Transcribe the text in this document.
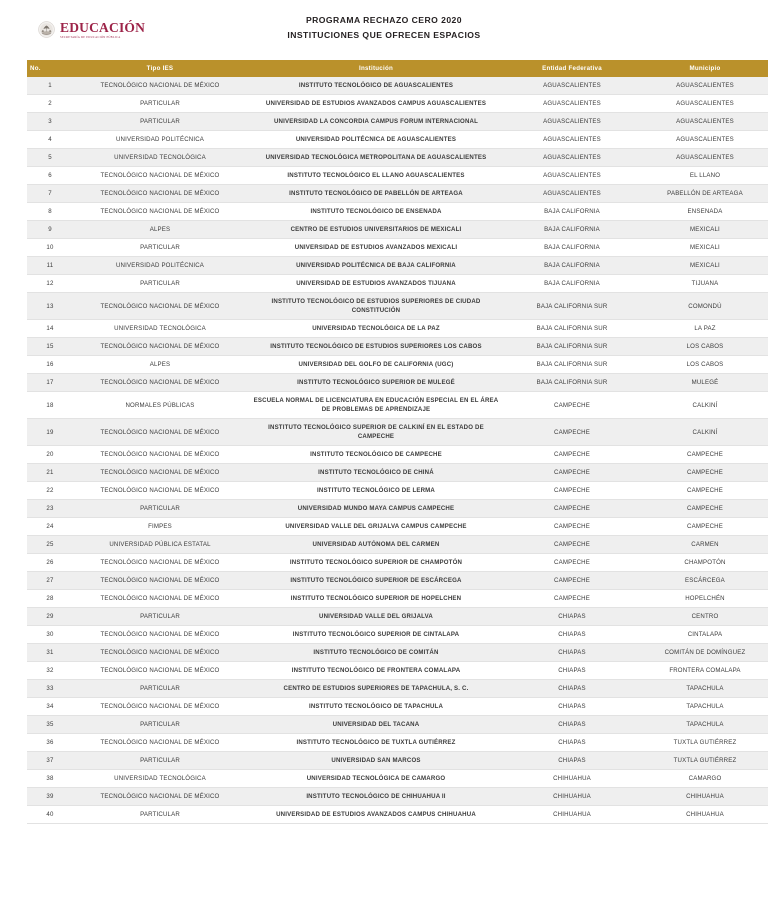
EDUCACIÓN
SECRETARÍA DE EDUCACIÓN PÚBLICA
PROGRAMA RECHAZO CERO 2020
INSTITUCIONES QUE OFRECEN ESPACIOS
No.	Tipo IES	Institución	Entidad Federativa	Municipio
1	TECNOLÓGICO NACIONAL DE MÉXICO	INSTITUTO TECNOLÓGICO DE AGUASCALIENTES	AGUASCALIENTES	AGUASCALIENTES
2	PARTICULAR	UNIVERSIDAD DE ESTUDIOS AVANZADOS CAMPUS AGUASCALIENTES	AGUASCALIENTES	AGUASCALIENTES
3	PARTICULAR	UNIVERSIDAD LA CONCORDIA CAMPUS FORUM INTERNACIONAL	AGUASCALIENTES	AGUASCALIENTES
4	UNIVERSIDAD POLITÉCNICA	UNIVERSIDAD POLITÉCNICA DE AGUASCALIENTES	AGUASCALIENTES	AGUASCALIENTES
5	UNIVERSIDAD TECNOLÓGICA	UNIVERSIDAD TECNOLÓGICA METROPOLITANA DE AGUASCALIENTES	AGUASCALIENTES	AGUASCALIENTES
6	TECNOLÓGICO NACIONAL DE MÉXICO	INSTITUTO TECNOLÓGICO EL LLANO AGUASCALIENTES	AGUASCALIENTES	EL LLANO
7	TECNOLÓGICO NACIONAL DE MÉXICO	INSTITUTO TECNOLÓGICO DE PABELLÓN DE ARTEAGA	AGUASCALIENTES	PABELLÓN DE ARTEAGA
8	TECNOLÓGICO NACIONAL DE MÉXICO	INSTITUTO TECNOLÓGICO DE ENSENADA	BAJA CALIFORNIA	ENSENADA
9	ALPES	CENTRO DE ESTUDIOS UNIVERSITARIOS DE MEXICALI	BAJA CALIFORNIA	MEXICALI
10	PARTICULAR	UNIVERSIDAD DE ESTUDIOS AVANZADOS MEXICALI	BAJA CALIFORNIA	MEXICALI
11	UNIVERSIDAD POLITÉCNICA	UNIVERSIDAD POLITÉCNICA DE BAJA CALIFORNIA	BAJA CALIFORNIA	MEXICALI
12	PARTICULAR	UNIVERSIDAD DE ESTUDIOS AVANZADOS TIJUANA	BAJA CALIFORNIA	TIJUANA
13	TECNOLÓGICO NACIONAL DE MÉXICO	INSTITUTO TECNOLÓGICO DE ESTUDIOS SUPERIORES DE CIUDAD CONSTITUCIÓN	BAJA CALIFORNIA SUR	COMONDÚ
14	UNIVERSIDAD TECNOLÓGICA	UNIVERSIDAD TECNOLÓGICA DE LA PAZ	BAJA CALIFORNIA SUR	LA PAZ
15	TECNOLÓGICO NACIONAL DE MÉXICO	INSTITUTO TECNOLÓGICO DE ESTUDIOS SUPERIORES LOS CABOS	BAJA CALIFORNIA SUR	LOS CABOS
16	ALPES	UNIVERSIDAD DEL GOLFO DE CALIFORNIA (UGC)	BAJA CALIFORNIA SUR	LOS CABOS
17	TECNOLÓGICO NACIONAL DE MÉXICO	INSTITUTO TECNOLÓGICO SUPERIOR DE MULEGÉ	BAJA CALIFORNIA SUR	MULEGÉ
18	NORMALES PÚBLICAS	ESCUELA NORMAL DE LICENCIATURA EN EDUCACIÓN ESPECIAL EN EL ÁREA DE PROBLEMAS DE APRENDIZAJE	CAMPECHE	CALKINÍ
19	TECNOLÓGICO NACIONAL DE MÉXICO	INSTITUTO TECNOLÓGICO SUPERIOR DE CALKINÍ EN EL ESTADO DE CAMPECHE	CAMPECHE	CALKINÍ
20	TECNOLÓGICO NACIONAL DE MÉXICO	INSTITUTO TECNOLÓGICO DE CAMPECHE	CAMPECHE	CAMPECHE
21	TECNOLÓGICO NACIONAL DE MÉXICO	INSTITUTO TECNOLÓGICO DE CHINÁ	CAMPECHE	CAMPECHE
22	TECNOLÓGICO NACIONAL DE MÉXICO	INSTITUTO TECNOLÓGICO DE LERMA	CAMPECHE	CAMPECHE
23	PARTICULAR	UNIVERSIDAD MUNDO MAYA CAMPUS CAMPECHE	CAMPECHE	CAMPECHE
24	FIMPES	UNIVERSIDAD VALLE DEL GRIJALVA CAMPUS CAMPECHE	CAMPECHE	CAMPECHE
25	UNIVERSIDAD PÚBLICA ESTATAL	UNIVERSIDAD AUTÓNOMA DEL CARMEN	CAMPECHE	CARMEN
26	TECNOLÓGICO NACIONAL DE MÉXICO	INSTITUTO TECNOLÓGICO SUPERIOR DE CHAMPOTÓN	CAMPECHE	CHAMPOTÓN
27	TECNOLÓGICO NACIONAL DE MÉXICO	INSTITUTO TECNOLÓGICO SUPERIOR DE ESCÁRCEGA	CAMPECHE	ESCÁRCEGA
28	TECNOLÓGICO NACIONAL DE MÉXICO	INSTITUTO TECNOLÓGICO SUPERIOR DE HOPELCHEN	CAMPECHE	HOPELCHÉN
29	PARTICULAR	UNIVERSIDAD VALLE DEL GRIJALVA	CHIAPAS	CENTRO
30	TECNOLÓGICO NACIONAL DE MÉXICO	INSTITUTO TECNOLÓGICO SUPERIOR DE CINTALAPA	CHIAPAS	CINTALAPA
31	TECNOLÓGICO NACIONAL DE MÉXICO	INSTITUTO TECNOLÓGICO DE COMITÁN	CHIAPAS	COMITÁN DE DOMÍNGUEZ
32	TECNOLÓGICO NACIONAL DE MÉXICO	INSTITUTO TECNOLÓGICO DE FRONTERA COMALAPA	CHIAPAS	FRONTERA COMALAPA
33	PARTICULAR	CENTRO DE ESTUDIOS SUPERIORES DE TAPACHULA, S. C.	CHIAPAS	TAPACHULA
34	TECNOLÓGICO NACIONAL DE MÉXICO	INSTITUTO TECNOLÓGICO DE TAPACHULA	CHIAPAS	TAPACHULA
35	PARTICULAR	UNIVERSIDAD DEL TACANA	CHIAPAS	TAPACHULA
36	TECNOLÓGICO NACIONAL DE MÉXICO	INSTITUTO TECNOLÓGICO DE TUXTLA GUTIÉRREZ	CHIAPAS	TUXTLA GUTIÉRREZ
37	PARTICULAR	UNIVERSIDAD SAN MARCOS	CHIAPAS	TUXTLA GUTIÉRREZ
38	UNIVERSIDAD TECNOLÓGICA	UNIVERSIDAD TECNOLÓGICA DE CAMARGO	CHIHUAHUA	CAMARGO
39	TECNOLÓGICO NACIONAL DE MÉXICO	INSTITUTO TECNOLÓGICO DE CHIHUAHUA II	CHIHUAHUA	CHIHUAHUA
40	PARTICULAR	UNIVERSIDAD DE ESTUDIOS AVANZADOS CAMPUS CHIHUAHUA	CHIHUAHUA	CHIHUAHUA
